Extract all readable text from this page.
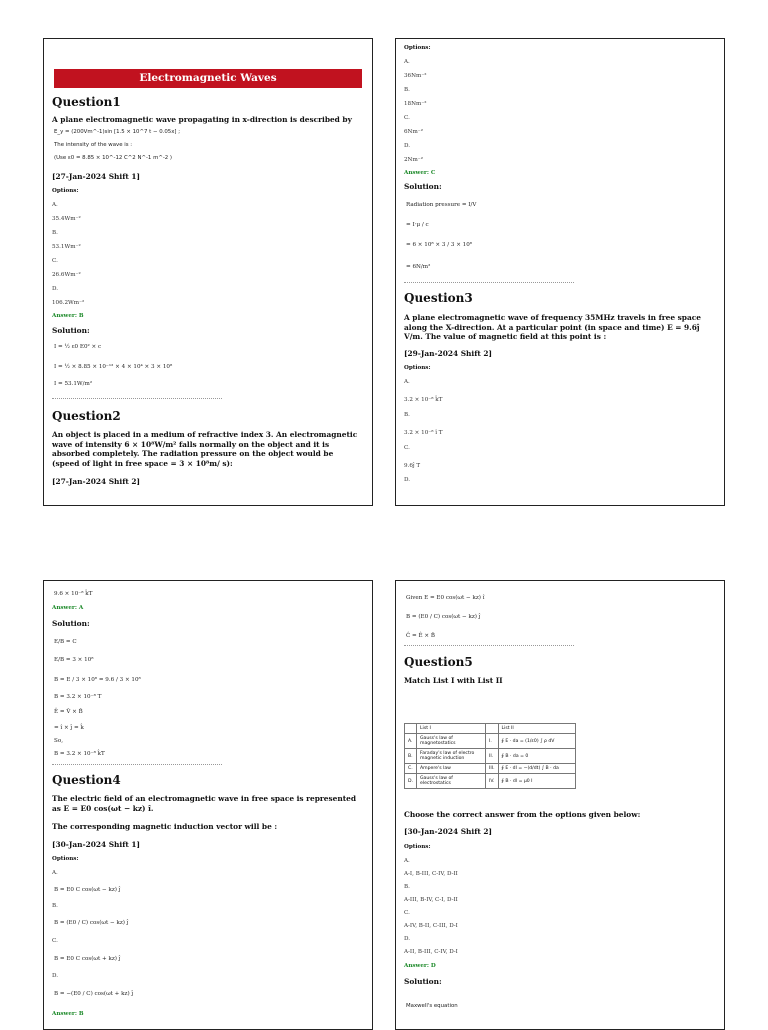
Electromagnetic Waves
Question1
A plane electromagnetic wave propagating in x-direction is described by
E_y = (200Vm^-1)sin [1.5 × 10^7 t − 0.05x] ;
The intensity of the wave is :
(Use ε0 = 8.85 × 10^-12 C^2 N^-1 m^-2 )
[27-Jan-2024 Shift 1]
Options:
A.
35.4Wm⁻²
B.
53.1Wm⁻²
C.
26.6Wm⁻²
D.
106.2Wm⁻²
Answer: B
Solution:
I = ½ ε0 E0² × c
I = ½ × 8.85 × 10⁻¹² × 4 × 10⁴ × 3 × 10⁸
I = 53.1W/m²
Question2
An object is placed in a medium of refractive index 3. An electromagnetic wave of intensity 6 × 10⁸W/m² falls normally on the object and it is absorbed completely. The radiation pressure on the object would be (speed of light in free space = 3 × 10⁸m/ s):
[27-Jan-2024 Shift 2]
Options:
A.
36Nm⁻²
B.
18Nm⁻²
C.
6Nm⁻²
D.
2Nm⁻²
Answer: C
Solution:
Radiation pressure = I/V
= I·μ / c
= 6 × 10⁸ × 3 / 3 × 10⁸
= 6N/m²
Question3
A plane electromagnetic wave of frequency 35MHz travels in free space along the X-direction. At a particular point (in space and time) E = 9.6ĵ V/m. The value of magnetic field at this point is :
[29-Jan-2024 Shift 2]
Options:
A.
3.2 × 10⁻⁸ k̂T
B.
3.2 × 10⁻⁸ î T
C.
9.6ĵ T
D.
9.6 × 10⁻⁸ k̂T
Answer: A
Solution:
E/B = C
E/B = 3 × 10⁸
B = E / 3 × 10⁸ = 9.6 / 3 × 10⁸
B = 3.2 × 10⁻⁸ T
Ê = V̂ × B̂
= î × ĵ = k̂
So,
B = 3.2 × 10⁻⁸ k̂T
Question4
The electric field of an electromagnetic wave in free space is represented as E = E0 cos(ωt − kz) î.
The corresponding magnetic induction vector will be :
[30-Jan-2024 Shift 1]
Options:
A.
B = E0 C cos(ωt − kz) ĵ
B.
B = (E0 / C) cos(ωt − kz) ĵ
C.
B = E0 C cos(ωt + kz) ĵ
D.
B = −(E0 / C) cos(ωt + kz) ĵ
Answer: B
Given E = E0 cos(ωt − kz) î
B = (E0 / C) cos(ωt − kz) ĵ
Ĉ = Ê × B̂
Question5
Match List I with List II
	List I		List II
A.	Gauss's law of magnetostatics	I.	∮ E · da = (1/ε0) ∫ ρ dV
B.	Faraday's law of electro magnetic induction	II.	∮ B · da = 0
C.	Ampere's law	III.	∮ E · dl = −(d/dt) ∫ B · da
D.	Gauss's law of electrostatics	IV.	∮ B · dl = μ0 I
Choose the correct answer from the options given below:
[30-Jan-2024 Shift 2]
Options:
A.
A-I, B-III, C-IV, D-II
B.
A-III, B-IV, C-I, D-II
C.
A-IV, B-II, C-III, D-I
D.
A-II, B-III, C-IV, D-I
Answer: D
Solution:
Maxwell's equation
